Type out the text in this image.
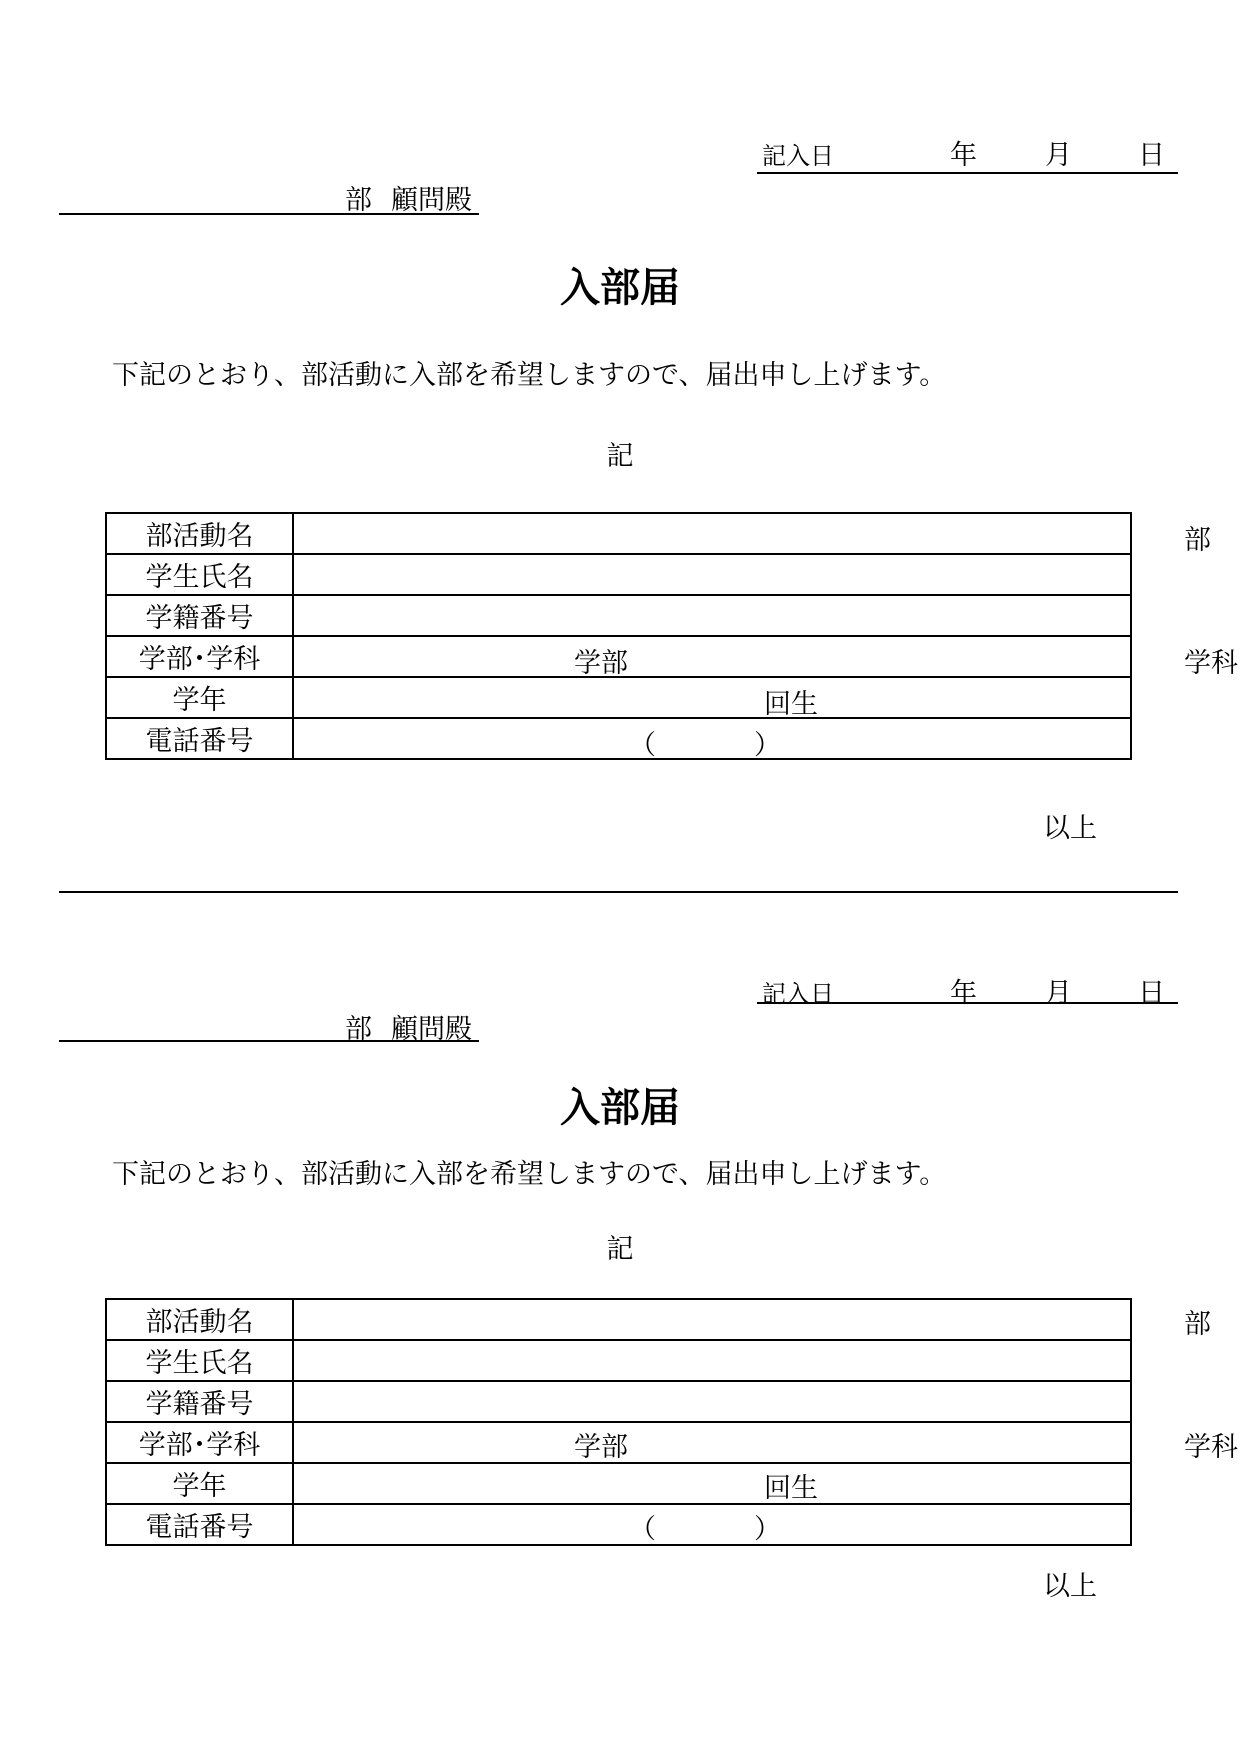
記入日	年	月 日
部 顧問殿
入部届
下記のとおり、部活動に入部を希望しますので、届出申し上げます。
記
部活動名	部

学生氏名	
学籍番号	
学部･学科	学部 学科

学年	回生

電話番号	（ ）
以上
記入日	年	月 日
部 顧問殿
入部届
下記のとおり、部活動に入部を希望しますので、届出申し上げます。
記
部活動名	部

学生氏名	
学籍番号	
学部･学科	学部 学科

学年	回生

電話番号	（ ）
以上
